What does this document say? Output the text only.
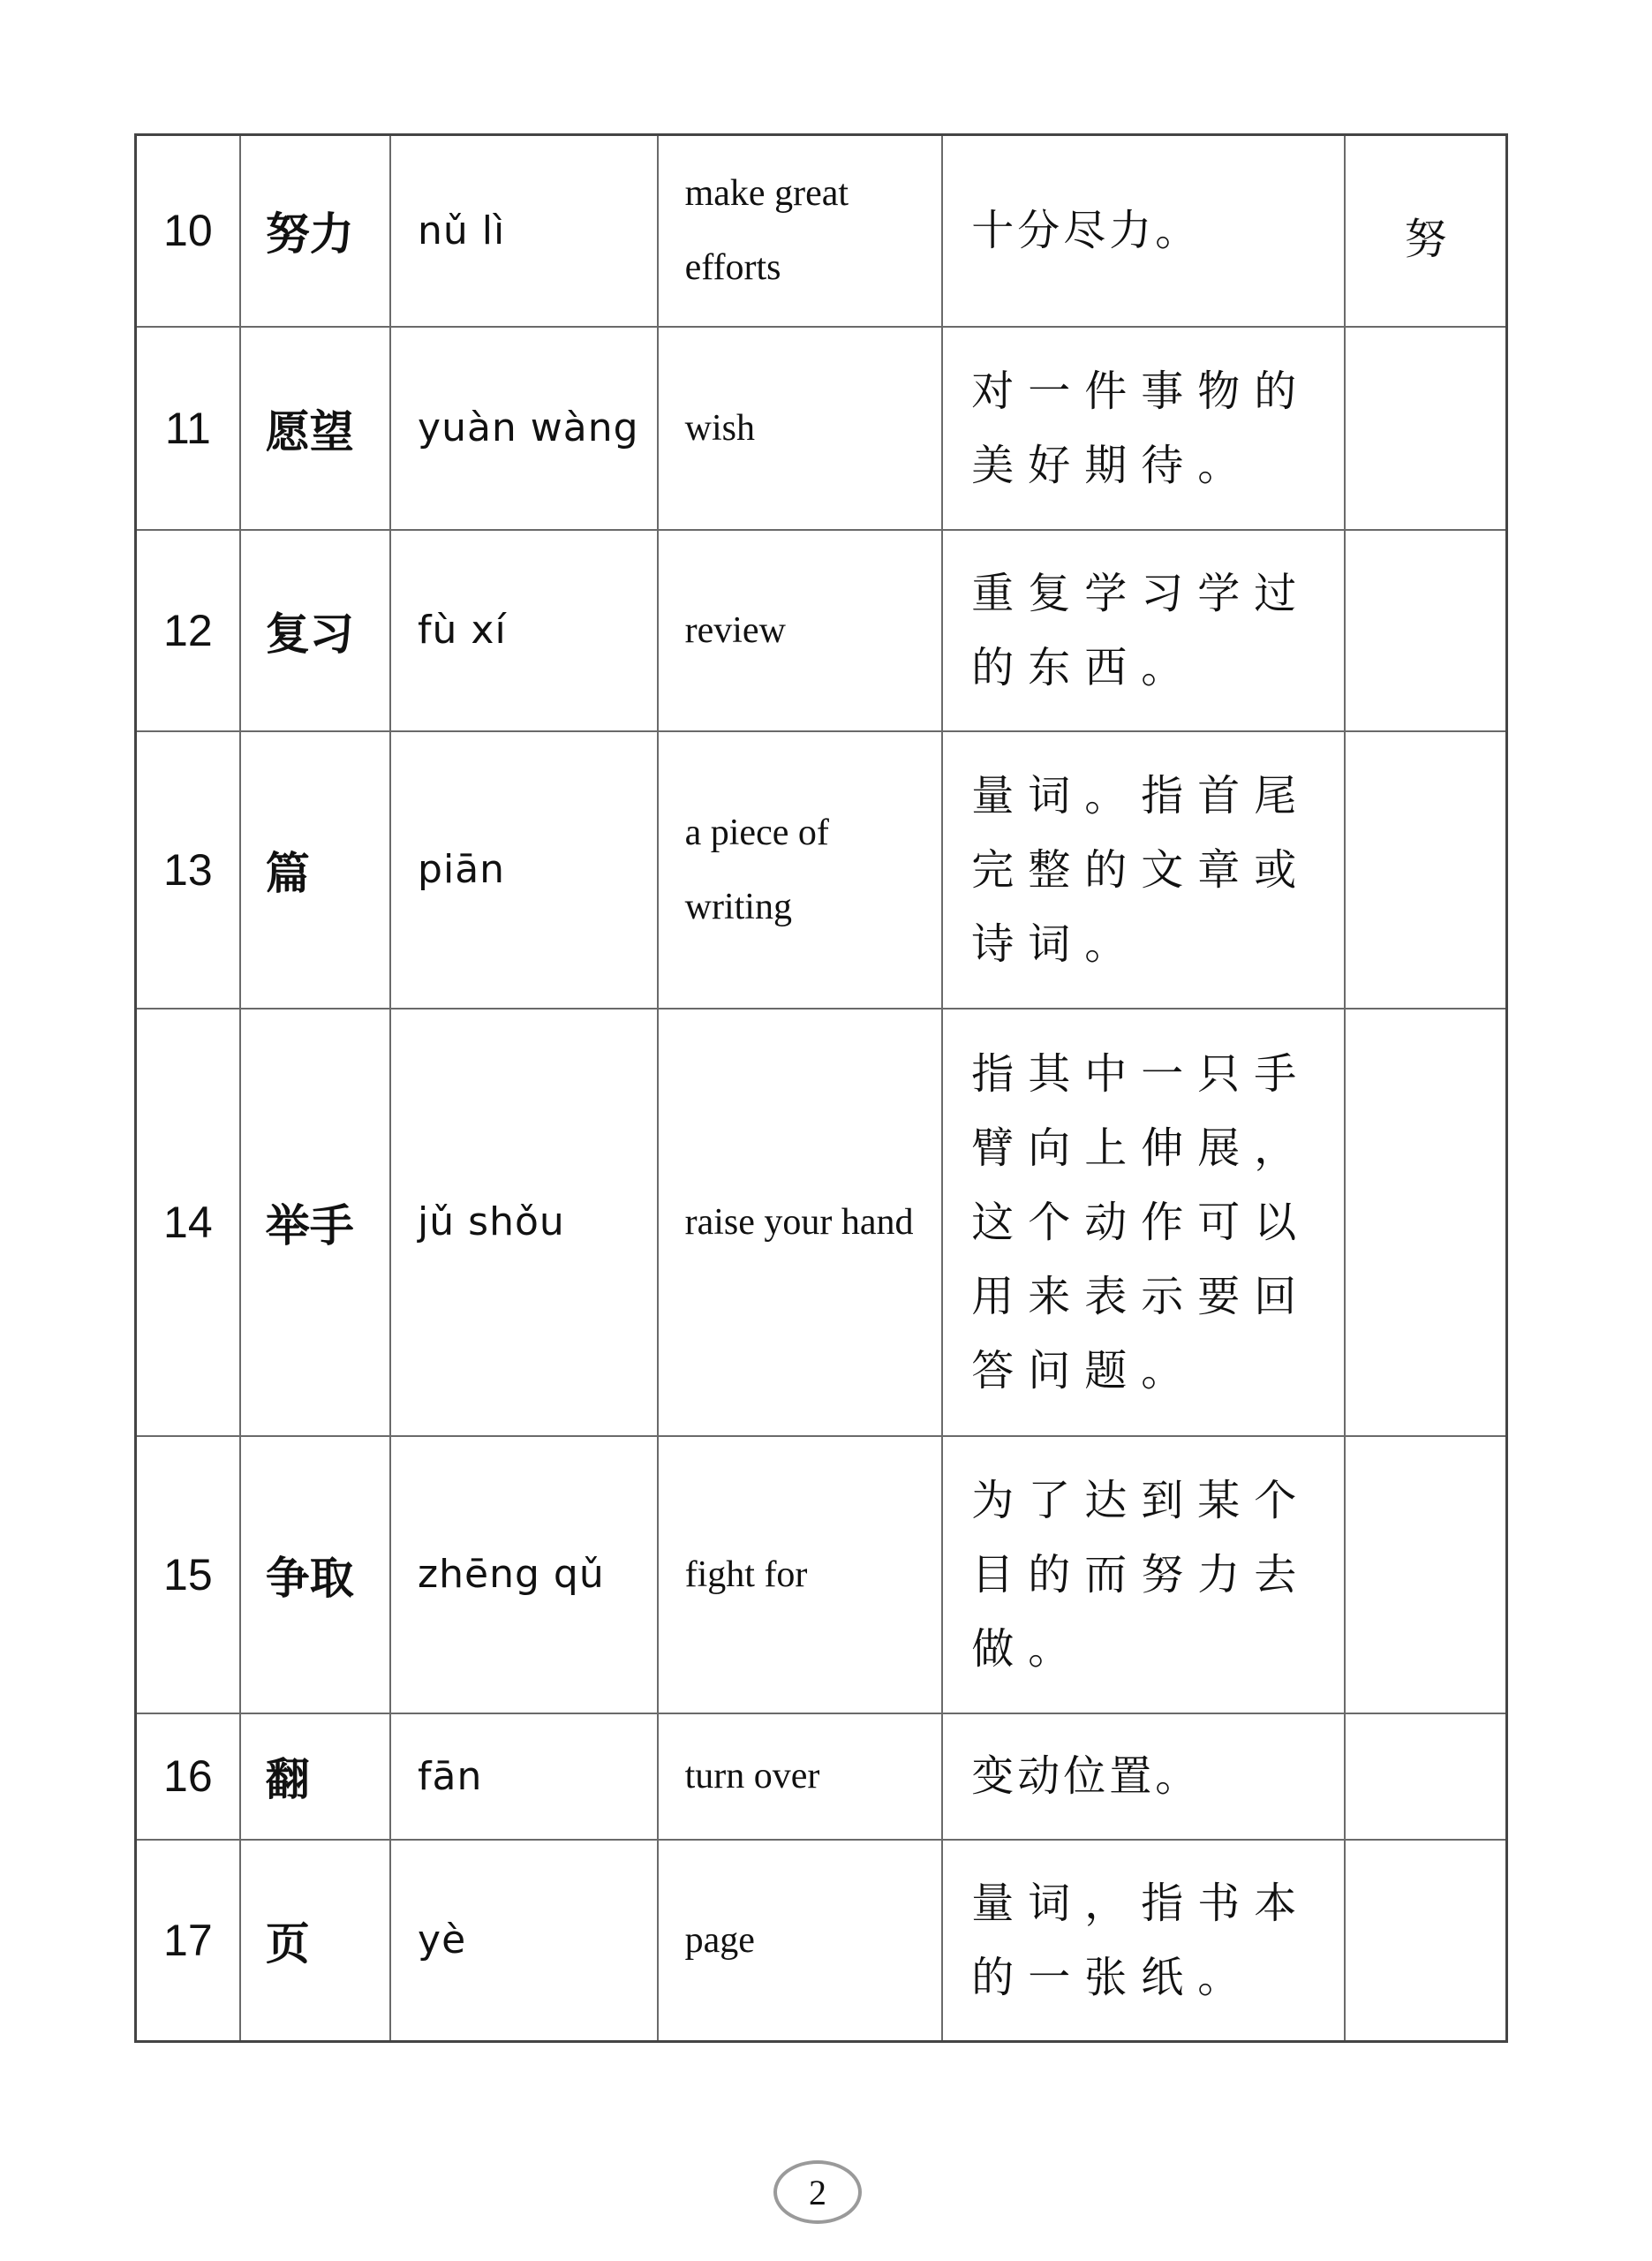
10	努力	nǔ lì	make great efforts	十分尽力。	努
11	愿望	yuàn wàng	wish	对一件事物的美好期待。	
12	复习	fù xí	review	重复学习学过的东西。	
13	篇	piān	a piece of writing	量词。指首尾完整的文章或诗词。	
14	举手	jǔ shǒu	raise your hand	指其中一只手臂向上伸展，这个动作可以用来表示要回答问题。	
15	争取	zhēng qǔ	fight for	为了达到某个目的而努力去做。	
16	翻	fān	turn over	变动位置。	
17	页	yè	page	量词，指书本的一张纸。	
2
